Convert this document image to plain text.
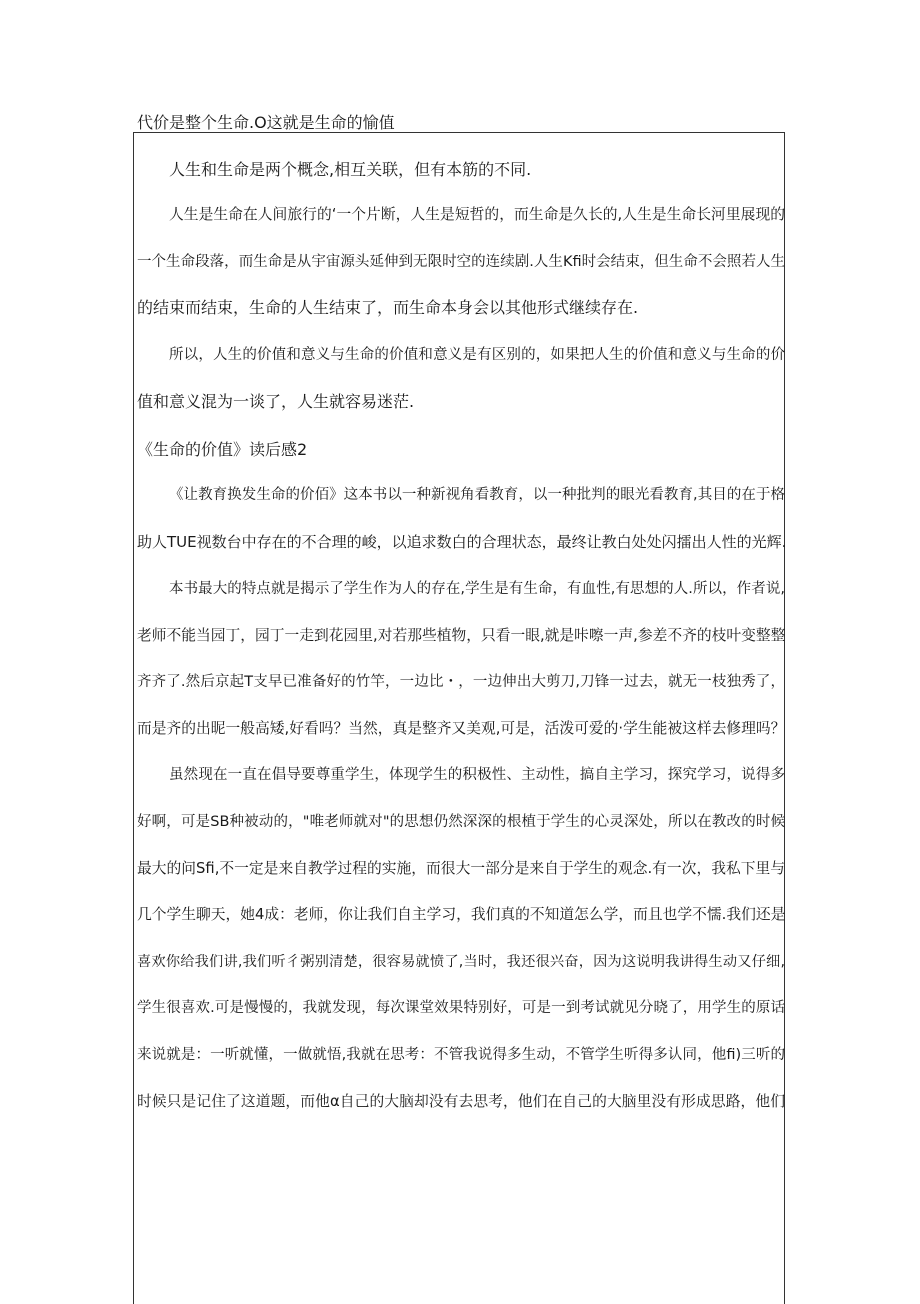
代价是整个生命.O这就是生命的愉值
人生和生命是两个概念,相互关联，但有本筋的不同.
人生是生命在人间旅行的‘一个片断，人生是短哲的，而生命是久长的,人生是生命长河里展现的
一个生命段落，而生命是从宇宙源头延伸到无限时空的连续剧.人生Kfi时会结束，但生命不会照若人生
的结束而结束，生命的人生结束了，而生命本身会以其他形式继续存在.
所以，人生的价值和意义与生命的价值和意义是有区别的，如果把人生的价值和意义与生命的价
值和意义混为一谈了，人生就容易迷茫.
《生命的价值》读后感2
《让教育换发生命的价佰》这本书以一种新视角看教育，以一种批判的眼光看教育,其目的在于格
助人TUE视数台中存在的不合理的峻，以追求数白的合理状态，最终让教白处处闪擂出人性的光辉.
本书最大的特点就是揭示了学生作为人的存在,学生是有生命，有血性,有思想的人.所以，作者说,
老师不能当园丁，园丁一走到花园里,对若那些植物，只看一眼,就是咔嚓一声,参差不齐的枝叶变整整
齐齐了.然后京起T支早已准备好的竹竿，一边比・，一边伸出大剪刀,刀锋一过去，就无一枝独秀了，
而是齐的出昵一般高矮,好看吗？当然，真是整齐又美观,可是，活泼可爱的·学生能被这样去修理吗？
虽然现在一直在倡导要尊重学生，体现学生的积极性、主动性，搞自主学习，探究学习，说得多
好啊，可是SB种被动的，"唯老师就对"的思想仍然深深的根植于学生的心灵深处，所以在教改的时候
最大的问Sfi,不一定是来自教学过程的实施，而很大一部分是来自于学生的观念.有一次，我私下里与
几个学生聊天，她4成：老师，你让我们自主学习，我们真的不知道怎么学，而且也学不懦.我们还是
喜欢你给我们讲,我们听彳粥别清楚，很容易就愤了,当时，我还很兴奋，因为这说明我讲得生动又仔细,
学生很喜欢.可是慢慢的，我就发现，每次课堂效果特别好，可是一到考试就见分晓了，用学生的原话
来说就是：一听就懂，一做就悟,我就在思考：不管我说得多生动，不管学生听得多认同，他fi)三听的
时候只是记住了这道题，而他α自己的大脑却没有去思考，他们在自己的大脑里没有形成思路，他们
